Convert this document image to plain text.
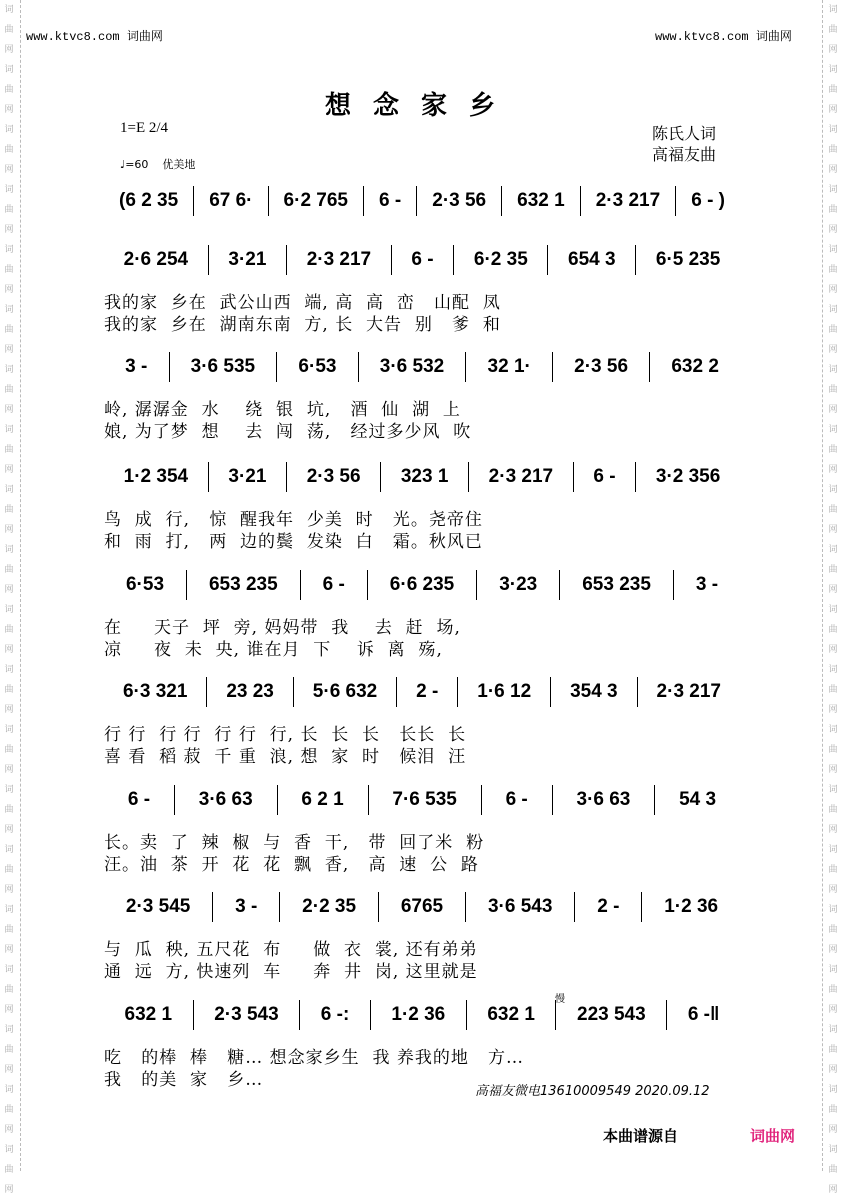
词曲网
词曲网
词曲网
词曲网
词曲网
词曲网
词曲网
词曲网
词曲网
词曲网
词曲网
词曲网
词曲网
词曲网
词曲网
词曲网
词曲网
词曲网
词曲网
词曲网
词曲网
词曲网
词曲网
词曲网
词曲网
词曲网
词曲网
词曲网
词曲网
词曲网
词曲网
词曲网
词曲网
词曲网
词曲网
词曲网
词曲网
词曲网
词曲网
词曲网
www.ktvc8.com 词曲网	www.ktvc8.com 词曲网
想念家乡
1=E 2/4
♩=60 优美地
陈氏人词
高福友曲
(6 2 35	67 6·	6·2 765	6 -	2·3 56	632 1	2·3 217	6 - )
2·6 254	3·21	2·3 217	6 -	6·2 35	654 3	6·5 235
我的家  乡在  武公山西  端, 高  高  峦   山配  凤
我的家  乡在  湖南东南  方, 长  大告  别   爹  和
3 -	3·6 535	6·53	3·6 532	32 1·	2·3 56	632 2
岭, 潺潺金  水    绕  银  坑,   酒  仙  湖  上
娘, 为了梦  想    去  闯  荡,   经过多少风  吹
1·2 354	3·21	2·3 56	323 1	2·3 217	6 -	3·2 356
鸟  成  行,   惊  醒我年  少美  时   光。尧帝住
和  雨  打,   两  边的鬓  发染  白   霜。秋风已
6·53	653 235	6 -	6·6 235	3·23	653 235	3 -
在     天子  坪  旁, 妈妈带  我    去  赶  场,
凉     夜  未  央, 谁在月  下    诉  离  殇,
6·3 321	23 23	5·6 632	2 -	1·6 12	354 3	2·3 217
行 行  行 行  行 行  行, 长  长  长   长长  长
喜 看  稻 菽  千 重  浪, 想  家  时   候泪  汪
6 -	3·6 63	6 2 1	7·6 535	6 -	3·6 63	54 3
长。卖  了  辣  椒  与  香  干,   带  回了米  粉
汪。油  茶  开  花  花  飘  香,   高  速  公  路
2·3 545	3 -	2·2 35	6765	3·6 543	2 -	1·2 36
与  瓜  秧, 五尺花  布     做  衣  裳, 还有弟弟
通  远  方, 快速列  车     奔  井  岗, 这里就是
632 1	2·3 543	6 -:	1·2 36	632 1	223 543	6 -‖
吃   的棒  棒   糖… 想念家乡生  我 养我的地   方…
我   的美  家   乡…
慢
高福友微电13610009549 2020.09.12
本曲谱源自	词曲网
